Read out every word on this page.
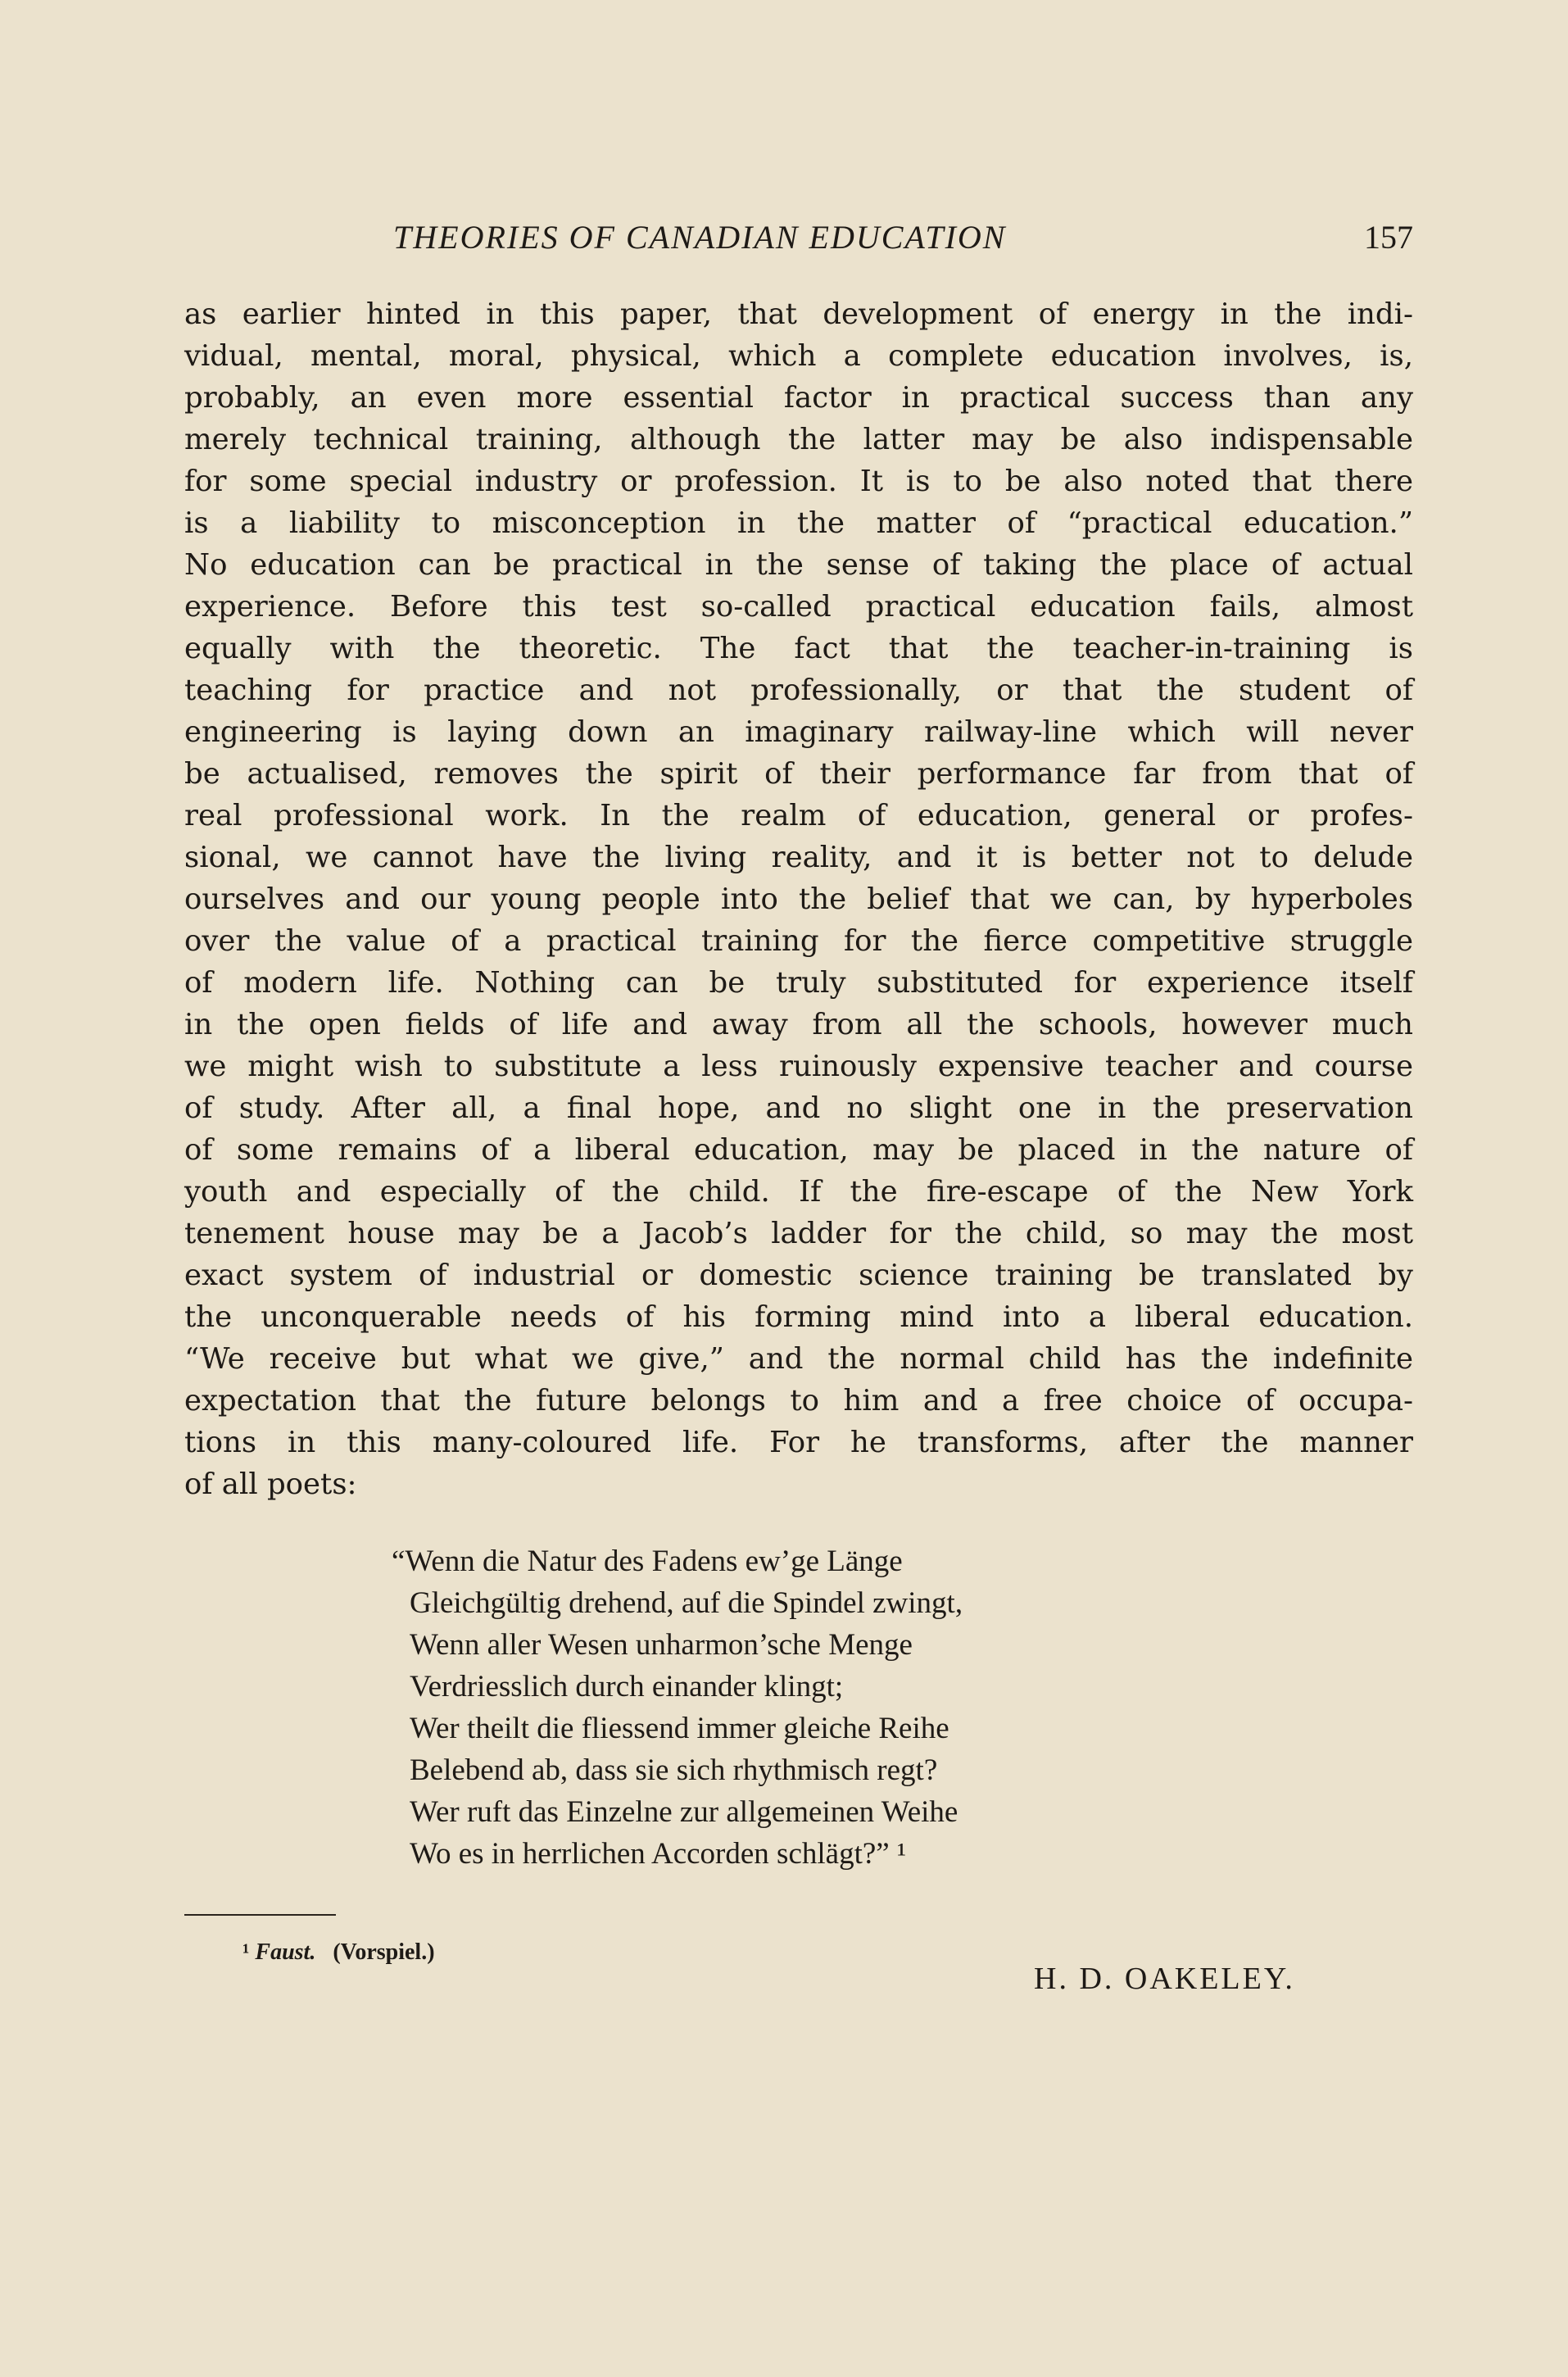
THEORIES OF CANADIAN EDUCATION	157
as earlier hinted in this paper, that development of energy in the indi-
vidual, mental, moral, physical, which a complete education involves, is,
probably, an even more essential factor in practical success than any
merely technical training, although the latter may be also indispensable
for some special industry or profession. It is to be also noted that there
is a liability to misconception in the matter of “practical education.”
No education can be practical in the sense of taking the place of actual
experience. Before this test so-called practical education fails, almost
equally with the theoretic. The fact that the teacher-in-training is
teaching for practice and not professionally, or that the student of
engineering is laying down an imaginary railway-line which will never
be actualised, removes the spirit of their performance far from that of
real professional work. In the realm of education, general or profes-
sional, we cannot have the living reality, and it is better not to delude
ourselves and our young people into the belief that we can, by hyperboles
over the value of a practical training for the fierce competitive struggle
of modern life. Nothing can be truly substituted for experience itself
in the open fields of life and away from all the schools, however much
we might wish to substitute a less ruinously expensive teacher and course
of study. After all, a final hope, and no slight one in the preservation
of some remains of a liberal education, may be placed in the nature of
youth and especially of the child. If the fire-escape of the New York
tenement house may be a Jacob’s ladder for the child, so may the most
exact system of industrial or domestic science training be translated by
the unconquerable needs of his forming mind into a liberal education.
“We receive but what we give,” and the normal child has the indefinite
expectation that the future belongs to him and a free choice of occupa-
tions in this many-coloured life. For he transforms, after the manner
of all poets:
“Wenn die Natur des Fadens ew’ge Länge
Gleichgültig drehend, auf die Spindel zwingt,
Wenn aller Wesen unharmon’sche Menge
Verdriesslich durch einander klingt;
Wer theilt die fliessend immer gleiche Reihe
Belebend ab, dass sie sich rhythmisch regt?
Wer ruft das Einzelne zur allgemeinen Weihe
Wo es in herrlichen Accorden schlägt?” ¹
¹ Faust. (Vorspiel.)
H. D. OAKELEY.
